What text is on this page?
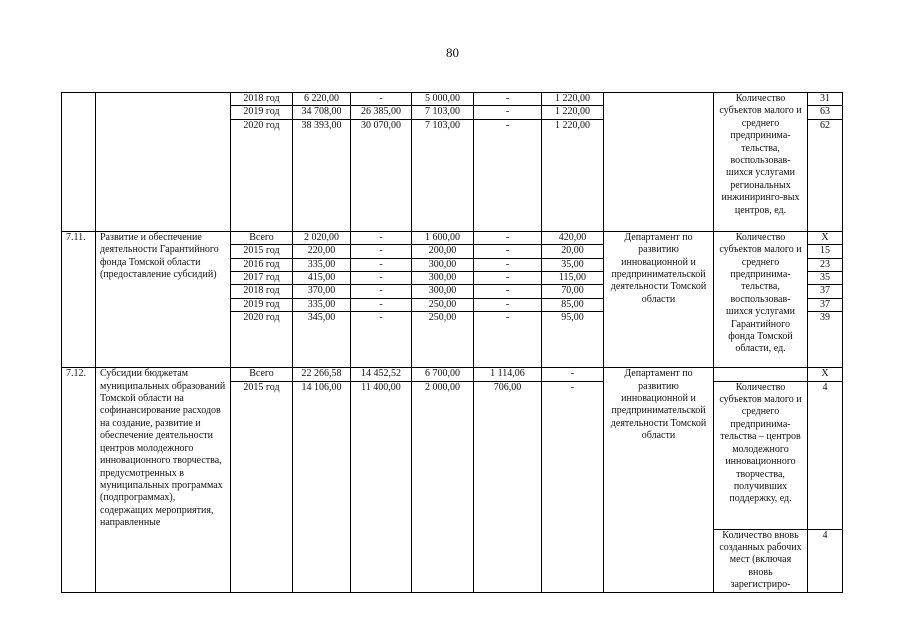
80
		2018 год	6 220,00	-	5 000,00	-	1 220,00		Количество субъектов малого и среднего предпринима-тельства, воспользовав-шихся услугами региональных инжиниринго-вых центров, ед.	31
		2019 год	34 708,00	26 385,00	7 103,00	-	1 220,00			63
		2020 год	38 393,00	30 070,00	7 103,00	-	1 220,00			62
7.11.	Развитие и обеспечение деятельности Гарантийного фонда Томской области (предоставление субсидий)	Всего	2 020,00	-	1 600,00	-	420,00	Департамент по развитию инновационной и предпринимательской деятельности Томской области	Количество субъектов малого и среднего предпринима-тельства, воспользовав-шихся услугами Гарантийного фонда Томской области, ед.	X
		2015 год	220,00	-	200,00	-	20,00			15
		2016 год	335,00	-	300,00	-	35,00			23
		2017 год	415,00	-	300,00	-	115,00			35
		2018 год	370,00	-	300,00	-	70,00			37
		2019 год	335,00	-	250,00	-	85,00			37
		2020 год	345,00	-	250,00	-	95,00			39
7.12.	Субсидии бюджетам муниципальных образований Томской области на софинансирование расходов на создание, развитие и обеспечение деятельности центров молодежного инновационного творчества, предусмотренных в муниципальных программах (подпрограммах), содержащих мероприятия, направленные	Всего	22 266,58	14 452,52	6 700,00	1 114,06	-	Департамент по развитию инновационной и предпринимательской деятельности Томской области		X
		2015 год	14 106,00	11 400,00	2 000,00	706,00	-		Количество субъектов малого и среднего предпринима-тельства – центров молодежного инновационного творчества, получивших поддержку, ед.	4
									Количество вновь созданных рабочих мест (включая вновь зарегистриро-	4
